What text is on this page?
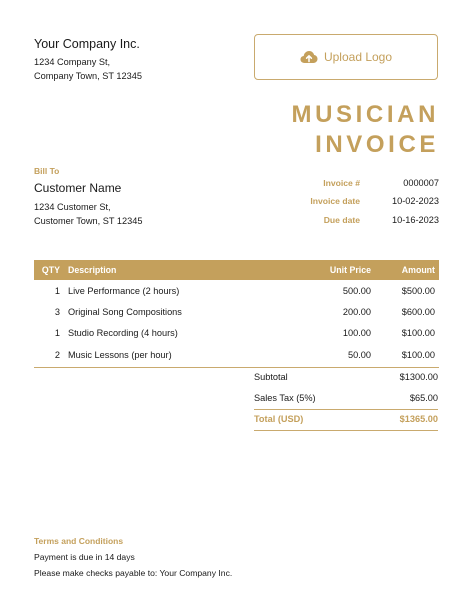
Your Company Inc.
1234 Company St,
Company Town, ST 12345
Upload Logo
MUSICIAN
INVOICE
Bill To
Customer Name
1234 Customer St,
Customer Town, ST 12345
Invoice #	0000007
Invoice date	10-02-2023
Due date	10-16-2023
QTY	Description	Unit Price	Amount
1	Live Performance (2 hours)	500.00	$500.00
3	Original Song Compositions	200.00	$600.00
1	Studio Recording (4 hours)	100.00	$100.00
2	Music Lessons (per hour)	50.00	$100.00
Subtotal	$1300.00
Sales Tax (5%)	$65.00
Total (USD)	$1365.00
Terms and Conditions
Payment is due in 14 days
Please make checks payable to: Your Company Inc.
